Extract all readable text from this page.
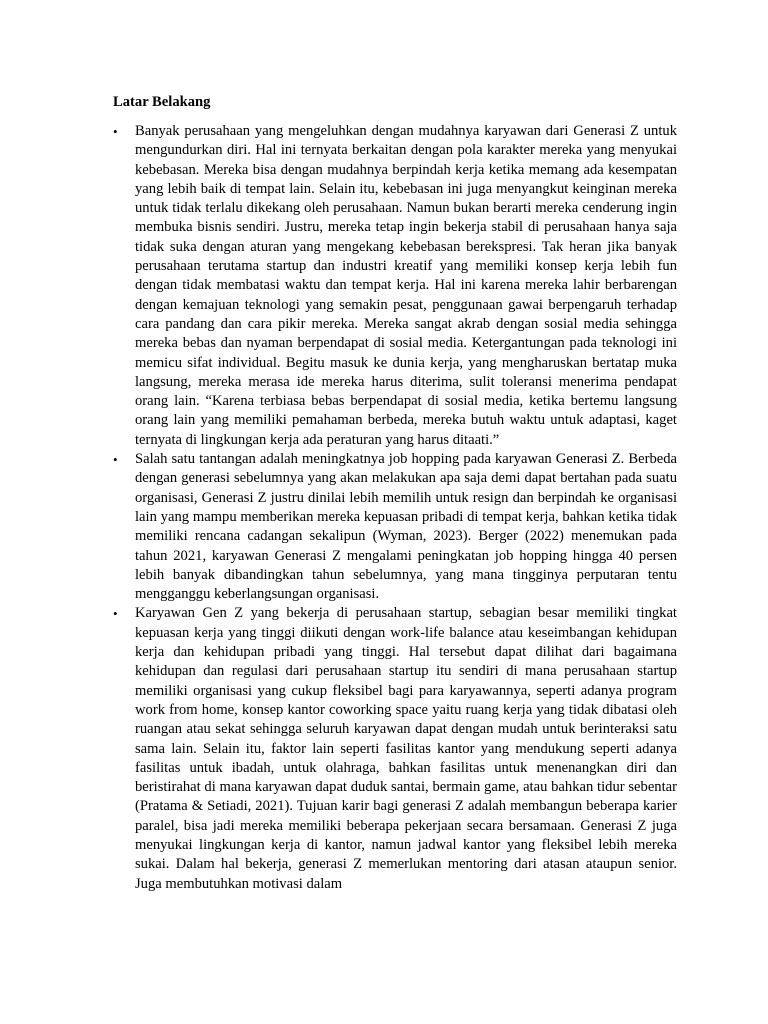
Latar Belakang
• Banyak perusahaan yang mengeluhkan dengan mudahnya karyawan dari Generasi Z untuk mengundurkan diri. Hal ini ternyata berkaitan dengan pola karakter mereka yang menyukai kebebasan. Mereka bisa dengan mudahnya berpindah kerja ketika memang ada kesempatan yang lebih baik di tempat lain. Selain itu, kebebasan ini juga menyangkut keinginan mereka untuk tidak terlalu dikekang oleh perusahaan. Namun bukan berarti mereka cenderung ingin membuka bisnis sendiri. Justru, mereka tetap ingin bekerja stabil di perusahaan hanya saja tidak suka dengan aturan yang mengekang kebebasan berekspresi. Tak heran jika banyak perusahaan terutama startup dan industri kreatif yang memiliki konsep kerja lebih fun dengan tidak membatasi waktu dan tempat kerja. Hal ini karena mereka lahir berbarengan dengan kemajuan teknologi yang semakin pesat, penggunaan gawai berpengaruh terhadap cara pandang dan cara pikir mereka. Mereka sangat akrab dengan sosial media sehingga mereka bebas dan nyaman berpendapat di sosial media. Ketergantungan pada teknologi ini memicu sifat individual. Begitu masuk ke dunia kerja, yang mengharuskan bertatap muka langsung, mereka merasa ide mereka harus diterima, sulit toleransi menerima pendapat orang lain. “Karena terbiasa bebas berpendapat di sosial media, ketika bertemu langsung orang lain yang memiliki pemahaman berbeda, mereka butuh waktu untuk adaptasi, kaget ternyata di lingkungan kerja ada peraturan yang harus ditaati.”
• Salah satu tantangan adalah meningkatnya job hopping pada karyawan Generasi Z. Berbeda dengan generasi sebelumnya yang akan melakukan apa saja demi dapat bertahan pada suatu organisasi, Generasi Z justru dinilai lebih memilih untuk resign dan berpindah ke organisasi lain yang mampu memberikan mereka kepuasan pribadi di tempat kerja, bahkan ketika tidak memiliki rencana cadangan sekalipun (Wyman, 2023). Berger (2022) menemukan pada tahun 2021, karyawan Generasi Z mengalami peningkatan job hopping hingga 40 persen lebih banyak dibandingkan tahun sebelumnya, yang mana tingginya perputaran tentu mengganggu keberlangsungan organisasi.
• Karyawan Gen Z yang bekerja di perusahaan startup, sebagian besar memiliki tingkat kepuasan kerja yang tinggi diikuti dengan work-life balance atau keseimbangan kehidupan kerja dan kehidupan pribadi yang tinggi. Hal tersebut dapat dilihat dari bagaimana kehidupan dan regulasi dari perusahaan startup itu sendiri di mana perusahaan startup memiliki organisasi yang cukup fleksibel bagi para karyawannya, seperti adanya program work from home, konsep kantor coworking space yaitu ruang kerja yang tidak dibatasi oleh ruangan atau sekat sehingga seluruh karyawan dapat dengan mudah untuk berinteraksi satu sama lain. Selain itu, faktor lain seperti fasilitas kantor yang mendukung seperti adanya fasilitas untuk ibadah, untuk olahraga, bahkan fasilitas untuk menenangkan diri dan beristirahat di mana karyawan dapat duduk santai, bermain game, atau bahkan tidur sebentar (Pratama & Setiadi, 2021). Tujuan karir bagi generasi Z adalah membangun beberapa karier paralel, bisa jadi mereka memiliki beberapa pekerjaan secara bersamaan. Generasi Z juga menyukai lingkungan kerja di kantor, namun jadwal kantor yang fleksibel lebih mereka sukai. Dalam hal bekerja, generasi Z memerlukan mentoring dari atasan ataupun senior. Juga membutuhkan motivasi dalam
